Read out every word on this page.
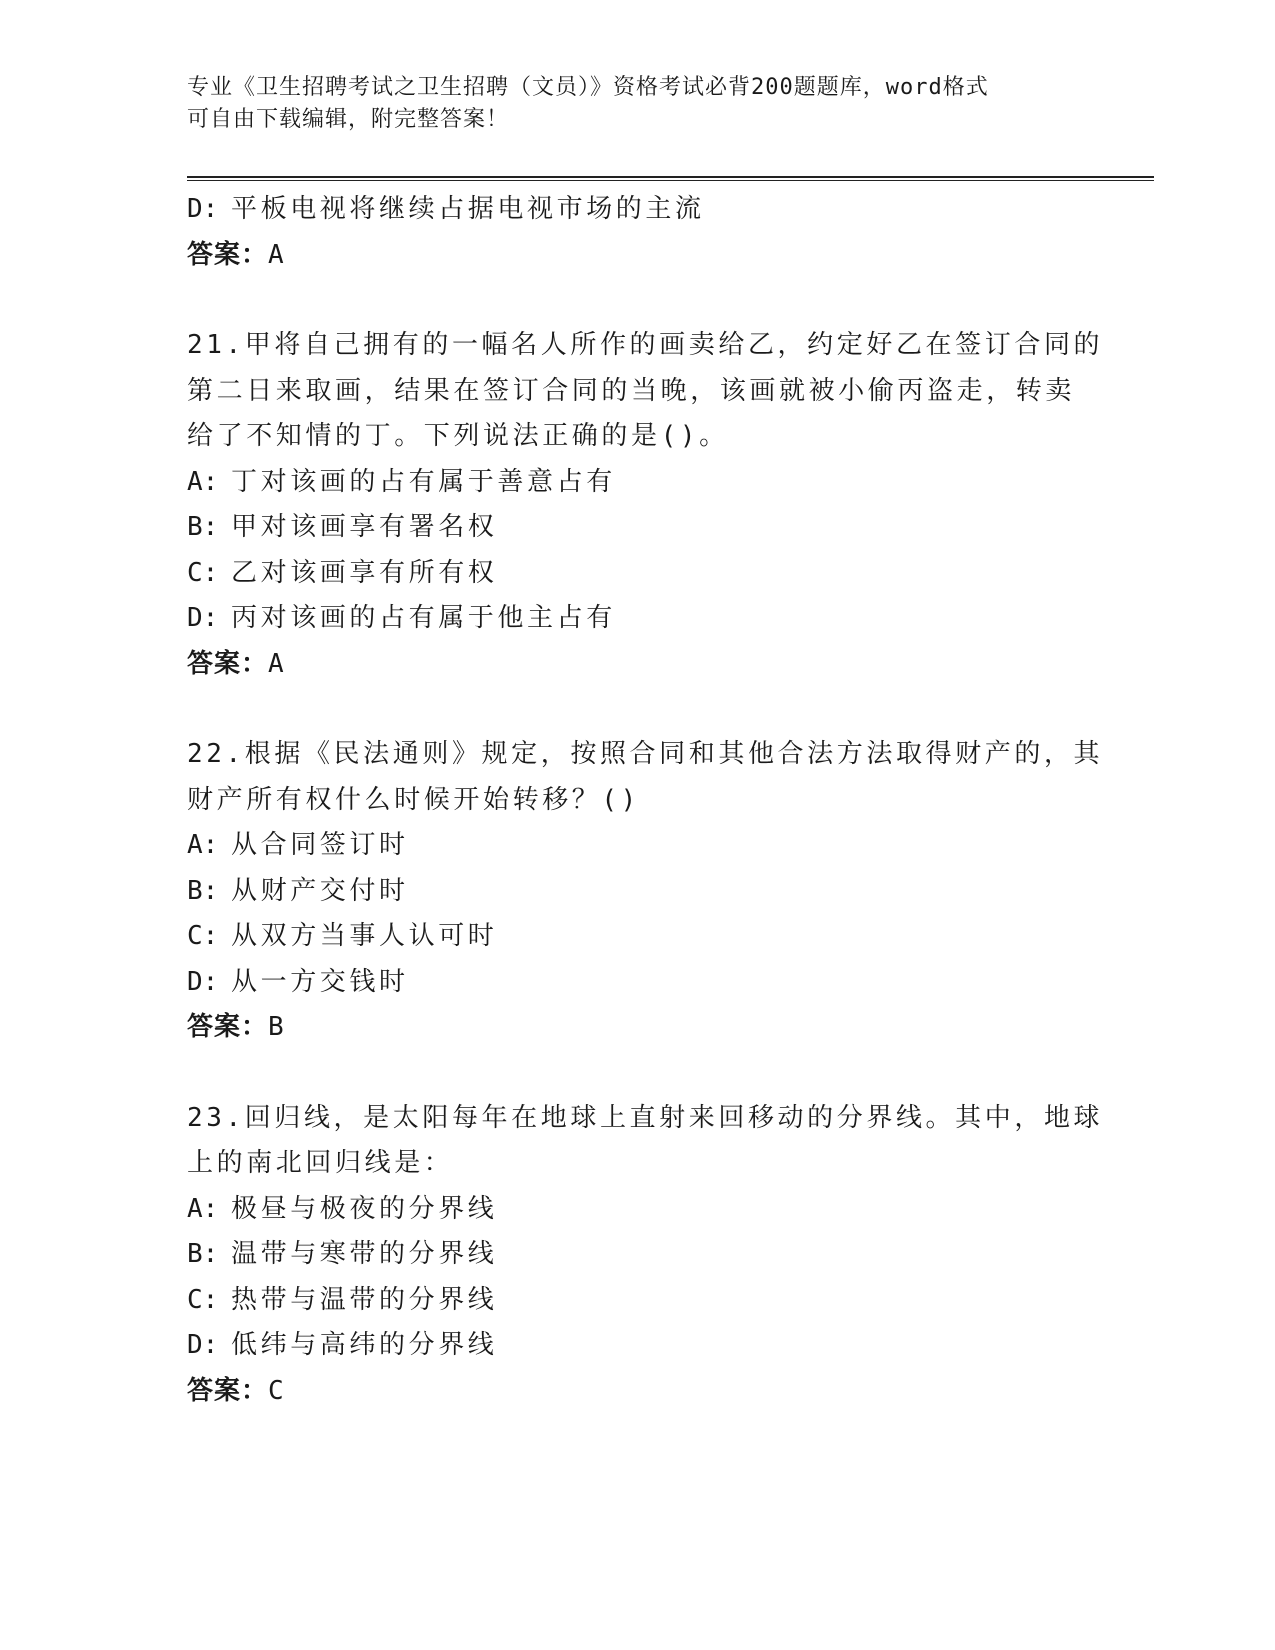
专业《卫生招聘考试之卫生招聘（文员）》资格考试必背200题题库，word格式
可自由下载编辑，附完整答案！
D: 平板电视将继续占据电视市场的主流
答案：A
21.甲将自己拥有的一幅名人所作的画卖给乙，约定好乙在签订合同的
第二日来取画，结果在签订合同的当晚，该画就被小偷丙盗走，转卖
给了不知情的丁。下列说法正确的是()。
A: 丁对该画的占有属于善意占有
B: 甲对该画享有署名权
C: 乙对该画享有所有权
D: 丙对该画的占有属于他主占有
答案：A
22.根据《民法通则》规定，按照合同和其他合法方法取得财产的，其
财产所有权什么时候开始转移？()
A: 从合同签订时
B: 从财产交付时
C: 从双方当事人认可时
D: 从一方交钱时
答案：B
23.回归线，是太阳每年在地球上直射来回移动的分界线。其中，地球
上的南北回归线是：
A: 极昼与极夜的分界线
B: 温带与寒带的分界线
C: 热带与温带的分界线
D: 低纬与高纬的分界线
答案：C
